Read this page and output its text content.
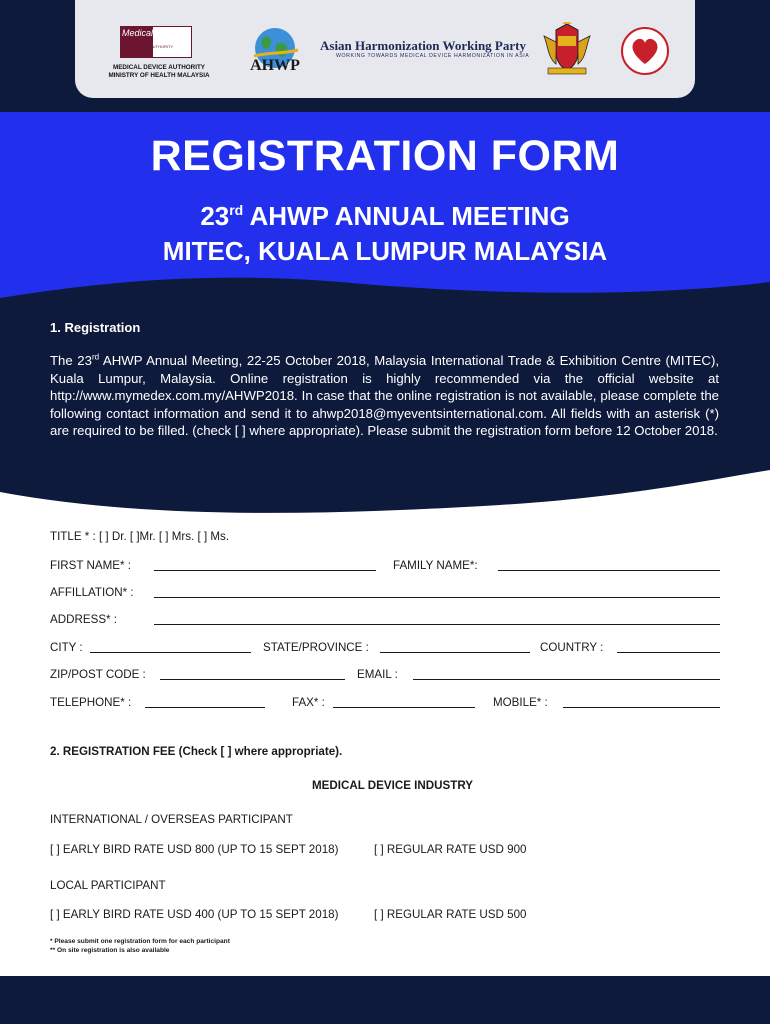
Medical Device
AUTHORITY
MEDICAL DEVICE AUTHORITY
MINISTRY OF HEALTH MALAYSIA
AHWP
Asian Harmonization Working Party
WORKING TOWARDS MEDICAL DEVICE HARMONIZATION IN ASIA
REGISTRATION FORM
23rd AHWP ANNUAL MEETING
MITEC, KUALA LUMPUR MALAYSIA
1. Registration
The 23rd AHWP Annual Meeting, 22-25 October 2018, Malaysia International Trade & Exhibition Centre (MITEC), Kuala Lumpur, Malaysia. Online registration is highly recommended via the official website at http://www.mymedex.com.my/AHWP2018. In case that the online registration is not available, please complete the following contact information and send it to ahwp2018@myeventsinternational.com. All fields with an asterisk (*) are required to be filled. (check [ ] where appropriate). Please submit the registration form before 12 October 2018.
TITLE * : [ ] Dr. [ ]Mr. [ ] Mrs. [ ] Ms.
FIRST NAME* :	FAMILY NAME*:
AFFILLATION* :
ADDRESS* :
CITY :	STATE/PROVINCE :	COUNTRY :
ZIP/POST CODE :	EMAIL :
TELEPHONE* :	FAX* :	MOBILE* :
2. REGISTRATION FEE (Check [ ] where appropriate).
MEDICAL DEVICE INDUSTRY
INTERNATIONAL / OVERSEAS PARTICIPANT
[ ] EARLY BIRD RATE USD 800 (UP TO 15 SEPT 2018)	[ ] REGULAR RATE USD 900
LOCAL PARTICIPANT
[ ] EARLY BIRD RATE USD 400 (UP TO 15 SEPT 2018)	[ ] REGULAR RATE USD 500
* Please submit one registration form for each participant
** On site registration is also available
